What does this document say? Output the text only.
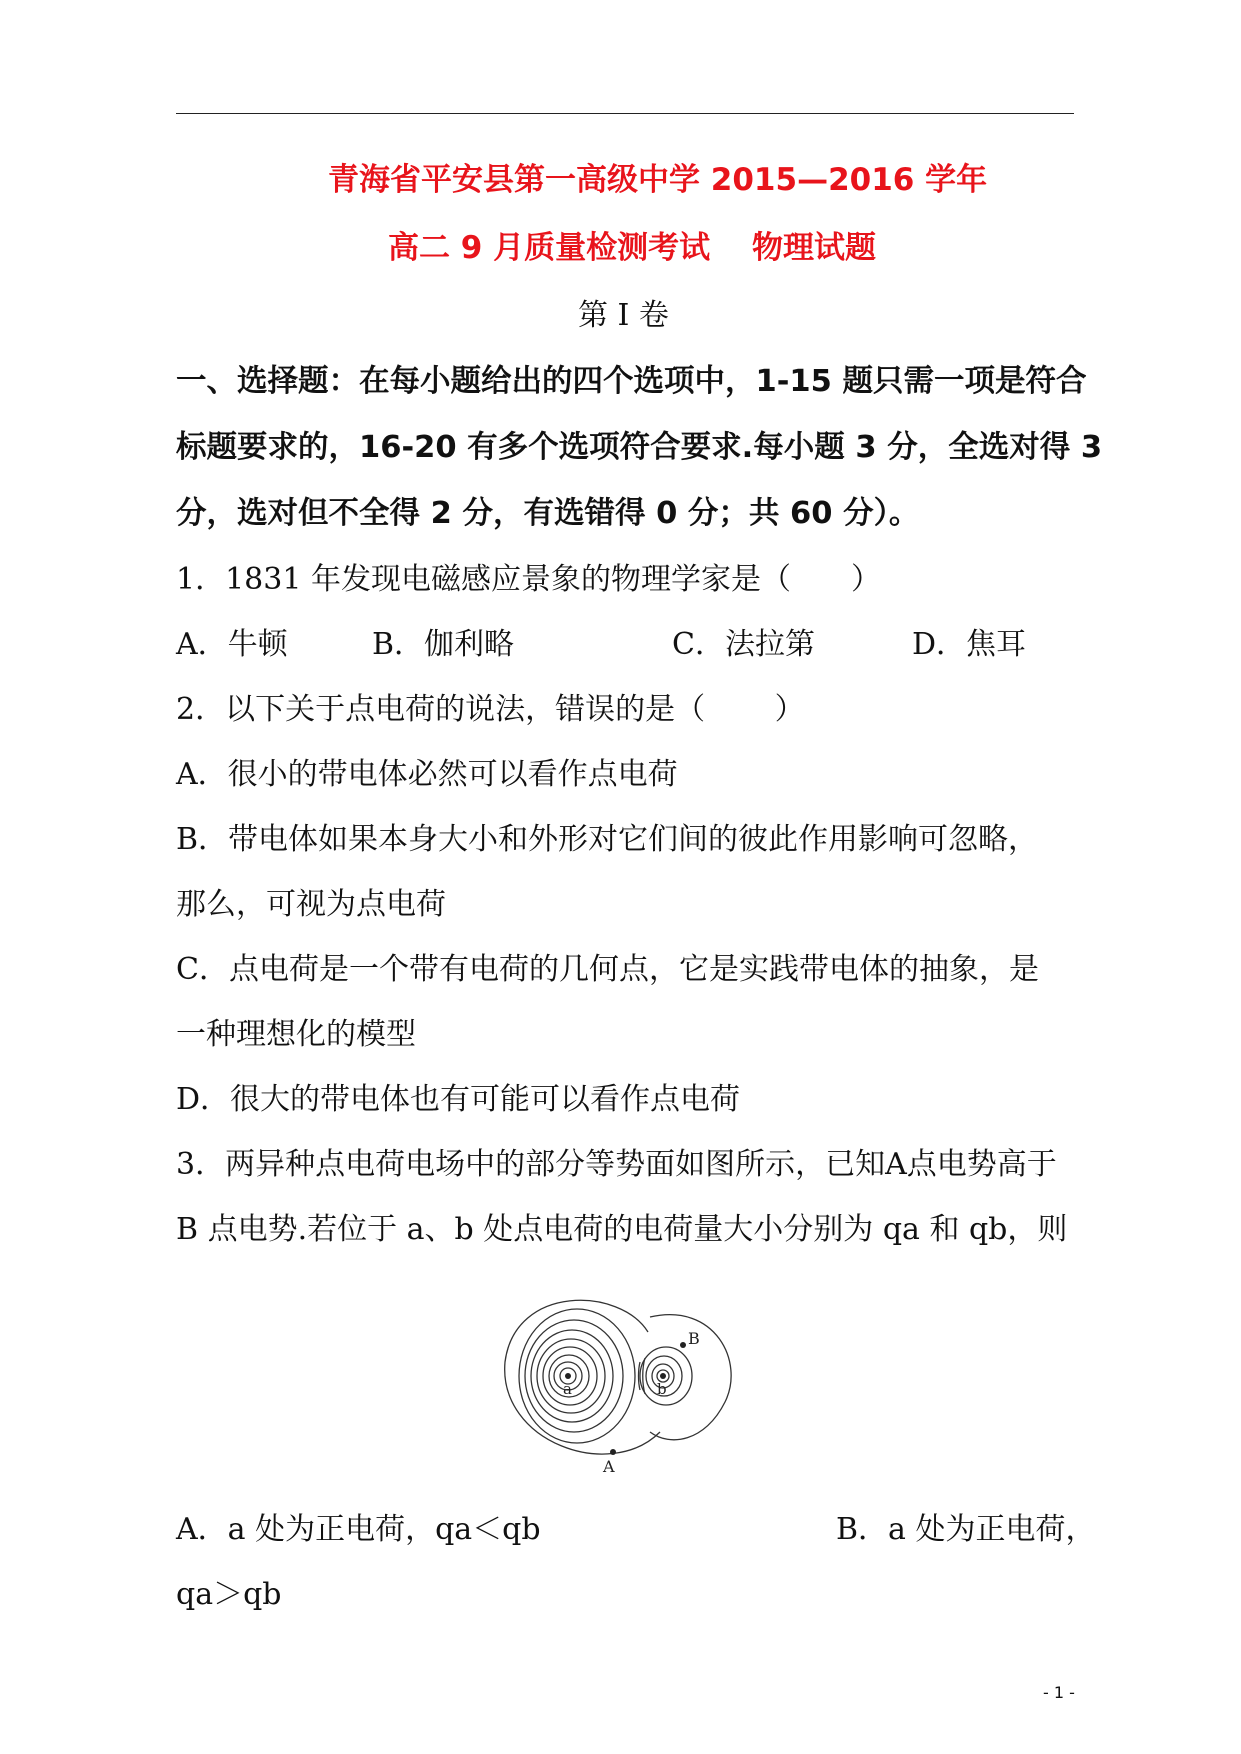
青海省平安县第一高级中学 2015—2016 学年
高二 9 月质量检测考试　 物理试题
第 I 卷
一、选择题：在每小题给出的四个选项中，1-15 题只需一项是符合
标题要求的，16-20 有多个选项符合要求.每小题 3 分，全选对得 3
分，选对但不全得 2 分，有选错得 0 分；共 60 分）。
1．1831 年发现电磁感应景象的物理学家是（　　）
A．牛顿	B．伽利略	C．法拉第	D．焦耳
2．以下关于点电荷的说法，错误的是（　　 ）
A．很小的带电体必然可以看作点电荷
B．带电体如果本身大小和外形对它们间的彼此作用影响可忽略，
那么，可视为点电荷
C．点电荷是一个带有电荷的几何点，它是实践带电体的抽象，是
一种理想化的模型
D．很大的带电体也有可能可以看作点电荷
3．两异种点电荷电场中的部分等势面如图所示，已知A点电势高于
B 点电势.若位于 a、b 处点电荷的电荷量大小分别为 qa 和 qb，则
a	b
B
A
A．a 处为正电荷，qa＜qb	B．a 处为正电荷，
qa＞qb
- 1 -
